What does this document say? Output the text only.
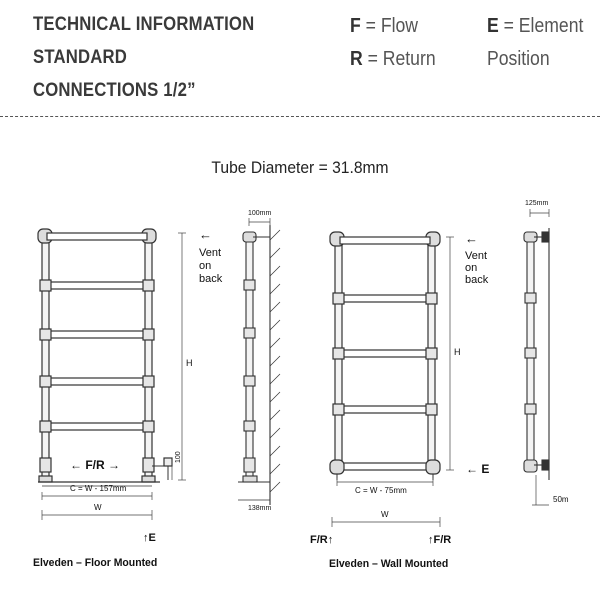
TECHNICAL INFORMATION
STANDARD
CONNECTIONS 1/2”
F = Flow	E = Element
R = Return	Position
Tube Diameter = 31.8mm
←
Vent
on
back
H
← F/R →
100
C = W - 157mm
W
↑E
Elveden – Floor Mounted
100mm
138mm
←
Vent
on
back
H
← E
C = W - 75mm
W
F/R↑	↑F/R
Elveden – Wall Mounted
125mm
50m
